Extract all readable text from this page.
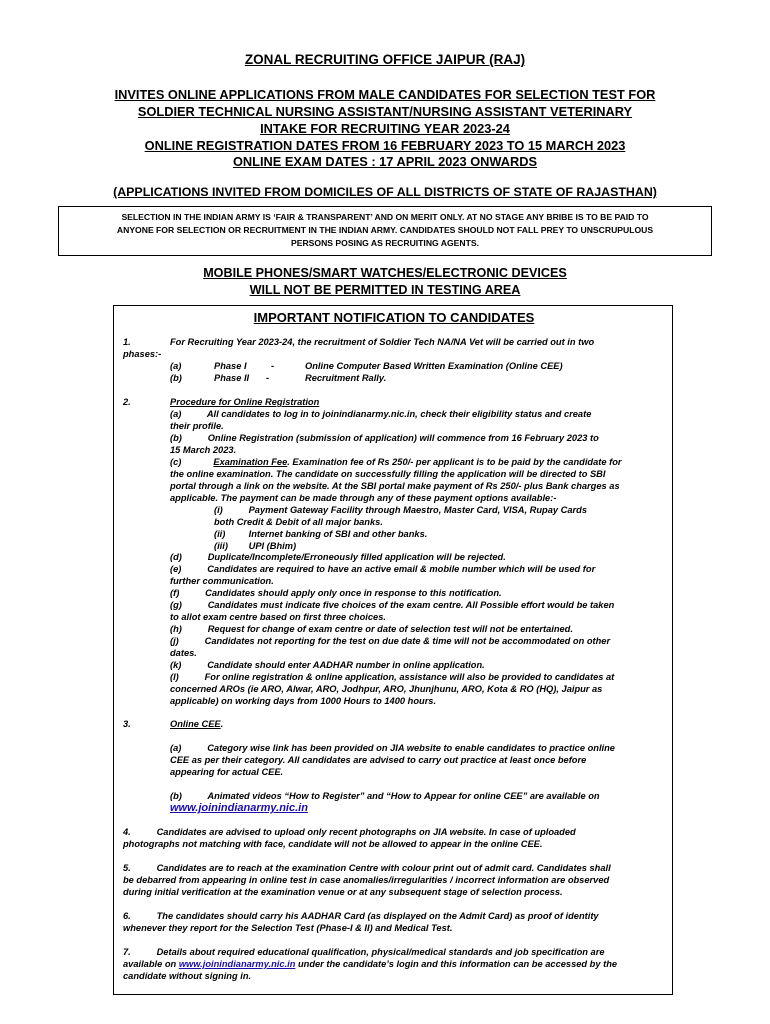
ZONAL RECRUITING OFFICE JAIPUR (RAJ)
INVITES ONLINE APPLICATIONS FROM MALE CANDIDATES FOR SELECTION TEST FOR
SOLDIER TECHNICAL NURSING ASSISTANT/NURSING ASSISTANT VETERINARY
INTAKE FOR RECRUITING YEAR 2023-24
ONLINE REGISTRATION DATES FROM 16 FEBRUARY 2023 TO 15 MARCH 2023
ONLINE EXAM DATES : 17 APRIL 2023 ONWARDS
(APPLICATIONS INVITED FROM DOMICILES OF ALL DISTRICTS OF STATE OF RAJASTHAN)
SELECTION IN THE INDIAN ARMY IS ‘FAIR & TRANSPARENT’ AND ON MERIT ONLY. AT NO STAGE ANY BRIBE IS TO BE PAID TO
ANYONE FOR SELECTION OR RECRUITMENT IN THE INDIAN ARMY. CANDIDATES SHOULD NOT FALL PREY TO UNSCRUPULOUS
PERSONS POSING AS RECRUITING AGENTS.
MOBILE PHONES/SMART WATCHES/ELECTRONIC DEVICES
WILL NOT BE PERMITTED IN TESTING AREA
IMPORTANT NOTIFICATION TO CANDIDATES
1.	For Recruiting Year 2023-24, the recruitment of Soldier Tech NA/NA Vet will be carried out in two
phases:-
(a)	Phase I	-	Online Computer Based Written Examination (Online CEE)
(b)	Phase II -	Recruitment Rally.
2.	Procedure for Online Registration
(a)          All candidates to log in to joinindianarmy.nic.in, check their eligibility status and create
their profile.
(b)          Online Registration (submission of application) will commence from 16 February 2023 to
15 March 2023.
(c)	Examination Fee. Examination fee of Rs 250/- per applicant is to be paid by the candidate for
the online examination. The candidate on successfully filling the application will be directed to SBI
portal through a link on the website. At the SBI portal make payment of Rs 250/- plus Bank charges as
applicable. The payment can be made through any of these payment options available:-
(i)          Payment Gateway Facility through Maestro, Master Card, VISA, Rupay Cards
both Credit & Debit of all major banks.
(ii)         Internet banking of SBI and other banks.
(iii)        UPI (Bhim)
(d)          Duplicate/Incomplete/Erroneously filled application will be rejected.
(e)          Candidates are required to have an active email & mobile number which will be used for
further communication.
(f)          Candidates should apply only once in response to this notification.
(g)          Candidates must indicate five choices of the exam centre. All Possible effort would be taken
to allot exam centre based on first three choices.
(h)          Request for change of exam centre or date of selection test will not be entertained.
(j)          Candidates not reporting for the test on due date & time will not be accommodated on other
dates.
(k)          Candidate should enter AADHAR number in online application.
(l)          For online registration & online application, assistance will also be provided to candidates at
concerned AROs (ie ARO, Alwar, ARO, Jodhpur, ARO, Jhunjhunu, ARO, Kota & RO (HQ), Jaipur as
applicable) on working days from 1000 Hours to 1400 hours.
3.	Online CEE.
(a)          Category wise link has been provided on JIA website to enable candidates to practice online
CEE as per their category. All candidates are advised to carry out practice at least once before
appearing for actual CEE.
(b)          Animated videos “How to Register” and “How to Appear for online CEE” are available on
www.joinindianarmy.nic.in
4.          Candidates are advised to upload only recent photographs on JIA website. In case of uploaded
photographs not matching with face, candidate will not be allowed to appear in the online CEE.
5.          Candidates are to reach at the examination Centre with colour print out of admit card. Candidates shall
be debarred from appearing in online test in case anomalies/irregularities / incorrect information are observed
during initial verification at the examination venue or at any subsequent stage of selection process.
6.          The candidates should carry his AADHAR Card (as displayed on the Admit Card) as proof of identity
whenever they report for the Selection Test (Phase-I & II) and Medical Test.
7.          Details about required educational qualification, physical/medical standards and job specification are
available on www.joinindianarmy.nic.in under the candidate’s login and this information can be accessed by the
candidate without signing in.
